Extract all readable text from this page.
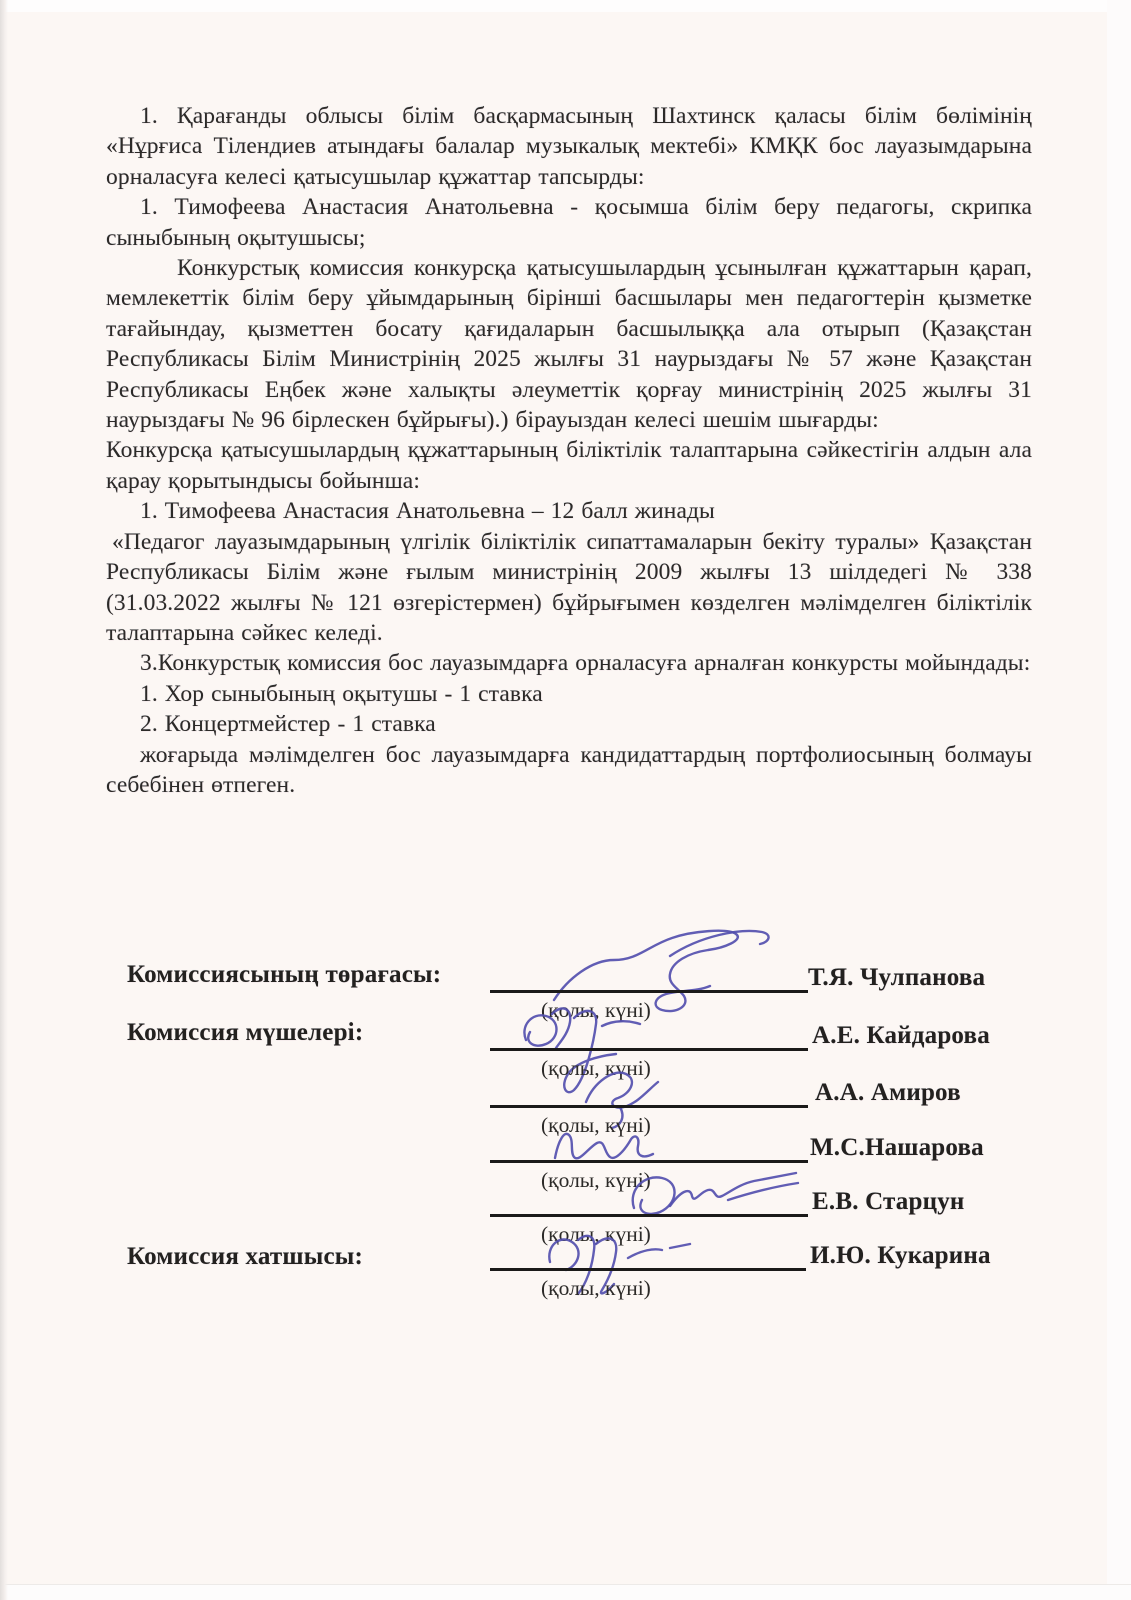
1. Қарағанды облысы білім басқармасының Шахтинск қаласы білім бөлімінің «Нұрғиса Тілендиев атындағы балалар музыкалық мектебі» КМҚК бос лауазымдарына орналасуға келесі қатысушылар құжаттар тапсырды:

1. Тимофеева Анастасия Анатольевна - қосымша білім беру педагогы, скрипка сыныбының оқытушысы;

Конкурстық комиссия конкурсқа қатысушылардың ұсынылған құжаттарын қарап, мемлекеттік білім беру ұйымдарының бірінші басшылары мен педагогтерін қызметке тағайындау, қызметтен босату қағидаларын басшылыққа ала отырып (Қазақстан Республикасы Білім Министрінің 2025 жылғы 31 наурыздағы № 57 және Қазақстан Республикасы Еңбек және халықты әлеуметтік қорғау министрінің 2025 жылғы 31 наурыздағы № 96 бірлескен бұйрығы).) бірауыздан келесі шешім шығарды:

Конкурсқа қатысушылардың құжаттарының біліктілік талаптарына сәйкестігін алдын ала қарау қорытындысы бойынша:

1. Тимофеева Анастасия Анатольевна – 12 балл жинады

«Педагог лауазымдарының үлгілік біліктілік сипаттамаларын бекіту туралы» Қазақстан Республикасы Білім және ғылым министрінің 2009 жылғы 13 шілдедегі № 338 (31.03.2022 жылғы № 121 өзгерістермен) бұйрығымен көзделген мәлімделген біліктілік талаптарына сәйкес келеді.

3.Конкурстық комиссия бос лауазымдарға орналасуға арналған конкурсты мойындады:

1. Хор сыныбының оқытушы - 1 ставка

2. Концертмейстер - 1 ставка

жоғарыда мәлімделген бос лауазымдарға кандидаттардың портфолиосының болмауы себебінен өтпеген.

Комиссиясының төрағасы:	Т.Я. Чулпанова
(қолы, күні)
Комиссия мүшелері:	А.Е. Кайдарова
(қолы, күні)
А.А. Амиров
(қолы, күні)
М.С.Нашарова
(қолы, күні)
Е.В. Старцун
(қолы, күні)
Комиссия хатшысы:	И.Ю. Кукарина
(қолы, күні)
